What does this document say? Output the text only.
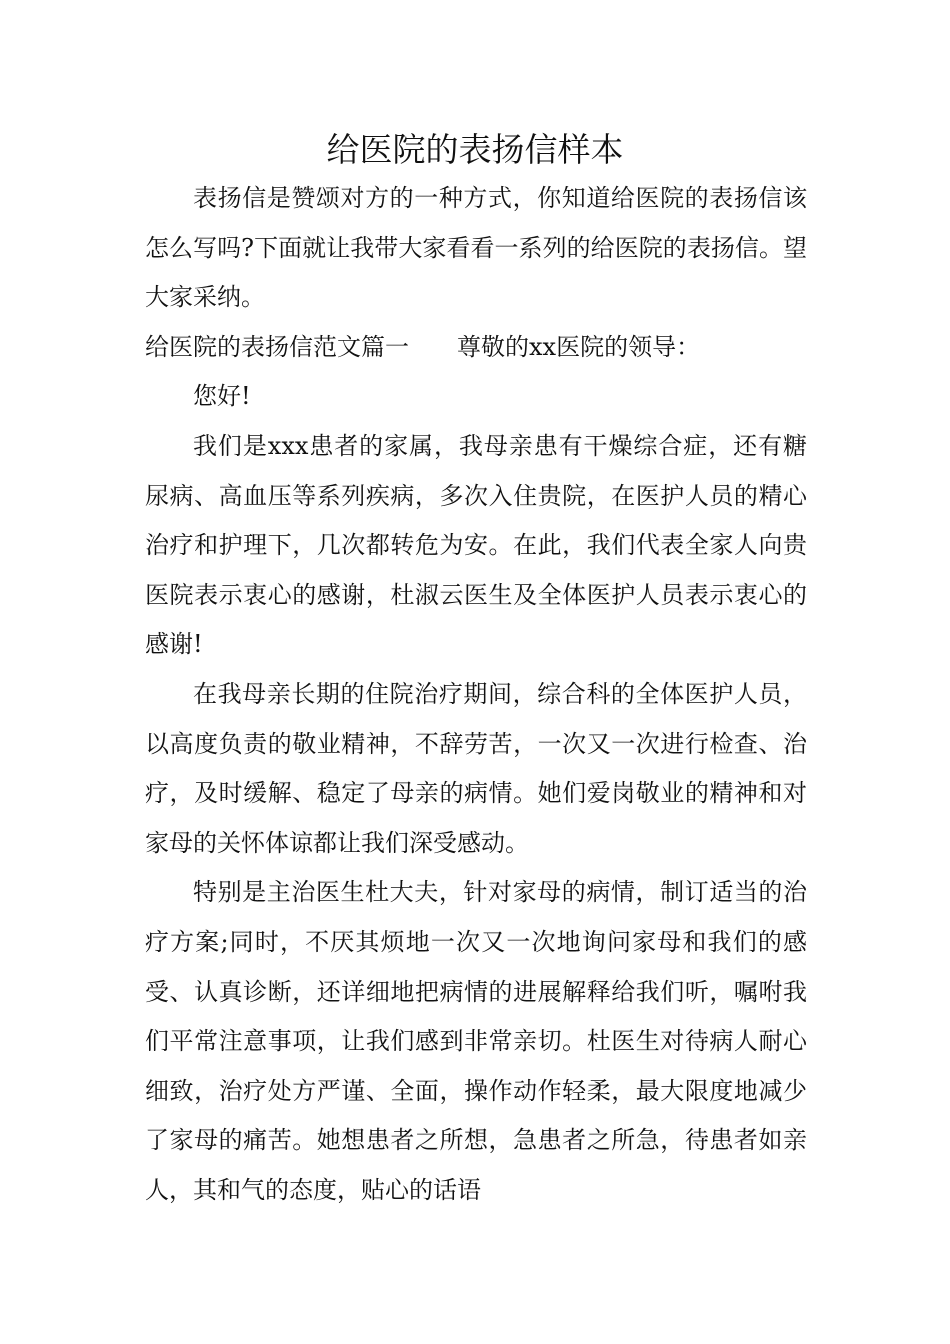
给医院的表扬信样本

表扬信是赞颂对方的一种方式，你知道给医院的表扬信该怎么写吗?下面就让我带大家看看一系列的给医院的表扬信。望大家采纳。

给医院的表扬信范文篇一 尊敬的xx医院的领导：

您好!

我们是xxx患者的家属，我母亲患有干燥综合症，还有糖尿病、高血压等系列疾病，多次入住贵院，在医护人员的精心治疗和护理下，几次都转危为安。在此，我们代表全家人向贵医院表示衷心的感谢，杜淑云医生及全体医护人员表示衷心的感谢!

在我母亲长期的住院治疗期间，综合科的全体医护人员，以高度负责的敬业精神，不辞劳苦，一次又一次进行检查、治疗，及时缓解、稳定了母亲的病情。她们爱岗敬业的精神和对家母的关怀体谅都让我们深受感动。

特别是主治医生杜大夫，针对家母的病情，制订适当的治疗方案;同时，不厌其烦地一次又一次地询问家母和我们的感受、认真诊断，还详细地把病情的进展解释给我们听，嘱咐我们平常注意事项，让我们感到非常亲切。杜医生对待病人耐心细致，治疗处方严谨、全面，操作动作轻柔，最大限度地减少了家母的痛苦。她想患者之所想，急患者之所急，待患者如亲人，其和气的态度，贴心的话语
